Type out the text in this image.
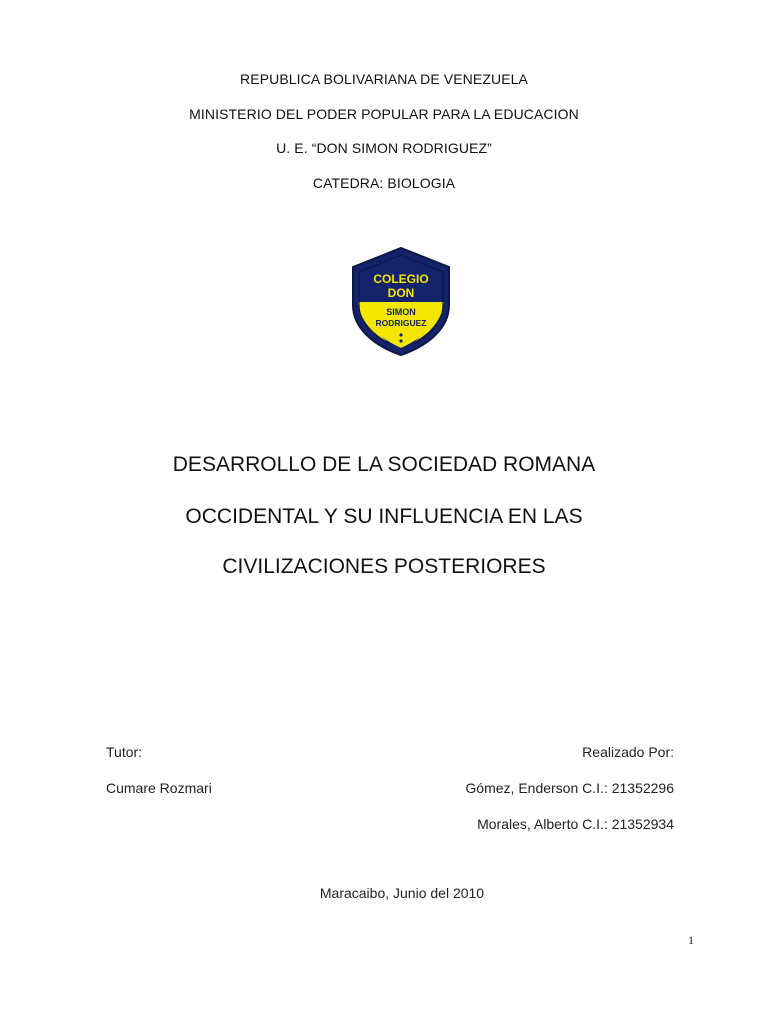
REPUBLICA BOLIVARIANA DE VENEZUELA
MINISTERIO DEL PODER POPULAR PARA LA EDUCACION
U. E. “DON SIMON RODRIGUEZ”
CATEDRA: BIOLOGIA
COLEGIO
DON
SIMON
RODRIGUEZ
DESARROLLO DE LA SOCIEDAD ROMANA
OCCIDENTAL Y SU INFLUENCIA EN LAS
CIVILIZACIONES POSTERIORES
Tutor:
Cumare Rozmari
Realizado Por:
Gómez, Enderson C.I.: 21352296
Morales, Alberto C.I.: 21352934
Maracaibo, Junio del 2010
1
